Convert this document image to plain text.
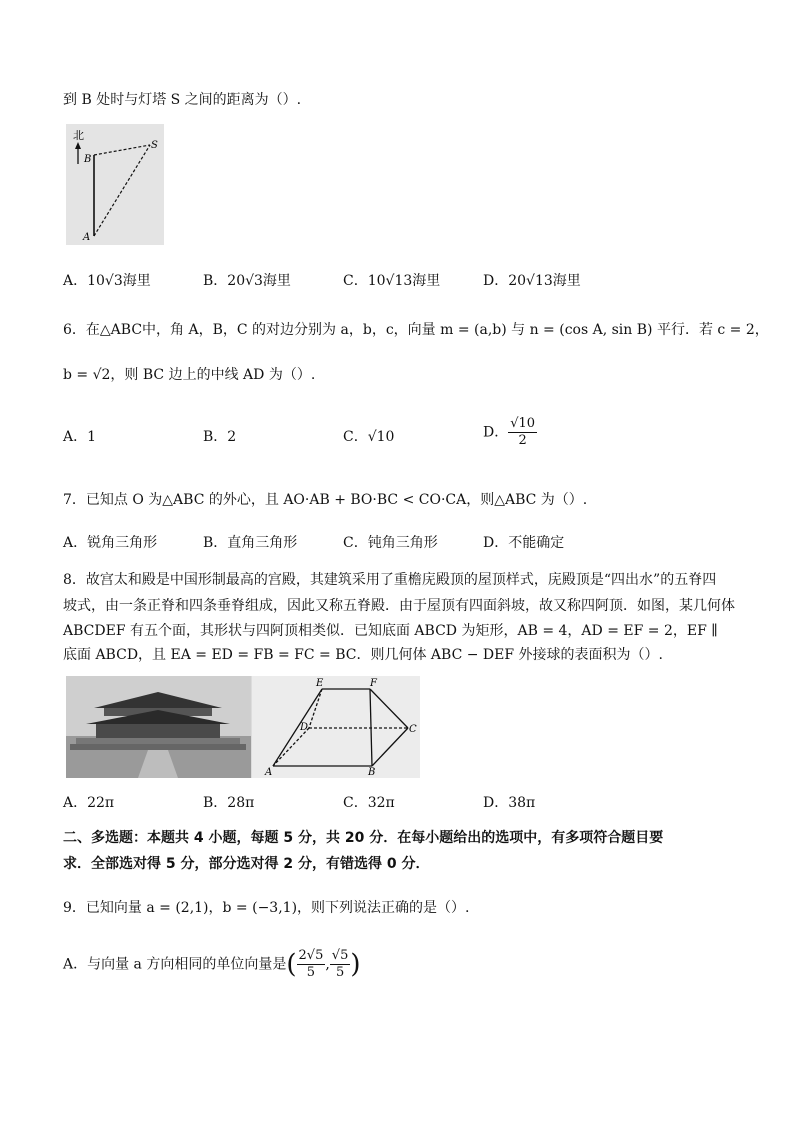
到 B 处时与灯塔 S 之间的距离为（）.
北
B
S
A
A．10√3海里	B．20√3海里	C．10√13海里	D．20√13海里
6．在△ABC中，角 A，B，C 的对边分别为 a，b，c，向量 m = (a,b) 与 n = (cos A, sin B) 平行．若 c = 2，
b = √2，则 BC 边上的中线 AD 为（）.
A．1	B．2	C．√10	D． $\frac{√10}{2}$
7．已知点 O 为△ABC 的外心，且 AO·AB + BO·BC < CO·CA，则△ABC 为（）.
A．锐角三角形	B．直角三角形	C．钝角三角形	D．不能确定
8．故宫太和殿是中国形制最高的宫殿，其建筑采用了重檐庑殿顶的屋顶样式，庑殿顶是“四出水”的五脊四
坡式，由一条正脊和四条垂脊组成，因此又称五脊殿．由于屋顶有四面斜坡，故又称四阿顶．如图，某几何体
ABCDEF 有五个面，其形状与四阿顶相类似．已知底面 ABCD 为矩形，AB = 4，AD = EF = 2，EF ∥
底面 ABCD，且 EA = ED = FB = FC = BC．则几何体 ABC − DEF 外接球的表面积为（）.
E	F
D	C
A	B
A．22π	B．28π	C．32π	D．38π
二、多选题：本题共 4 小题，每题 5 分，共 20 分．在每小题给出的选项中，有多项符合题目要
求．全部选对得 5 分，部分选对得 2 分，有错选得 0 分．
9．已知向量 a = (2,1)，b = (−3,1)，则下列说法正确的是（）.
A．与向量 a 方向相同的单位向量是( $\frac{2√5}{5}$ , $\frac{√5}{5}$ )
